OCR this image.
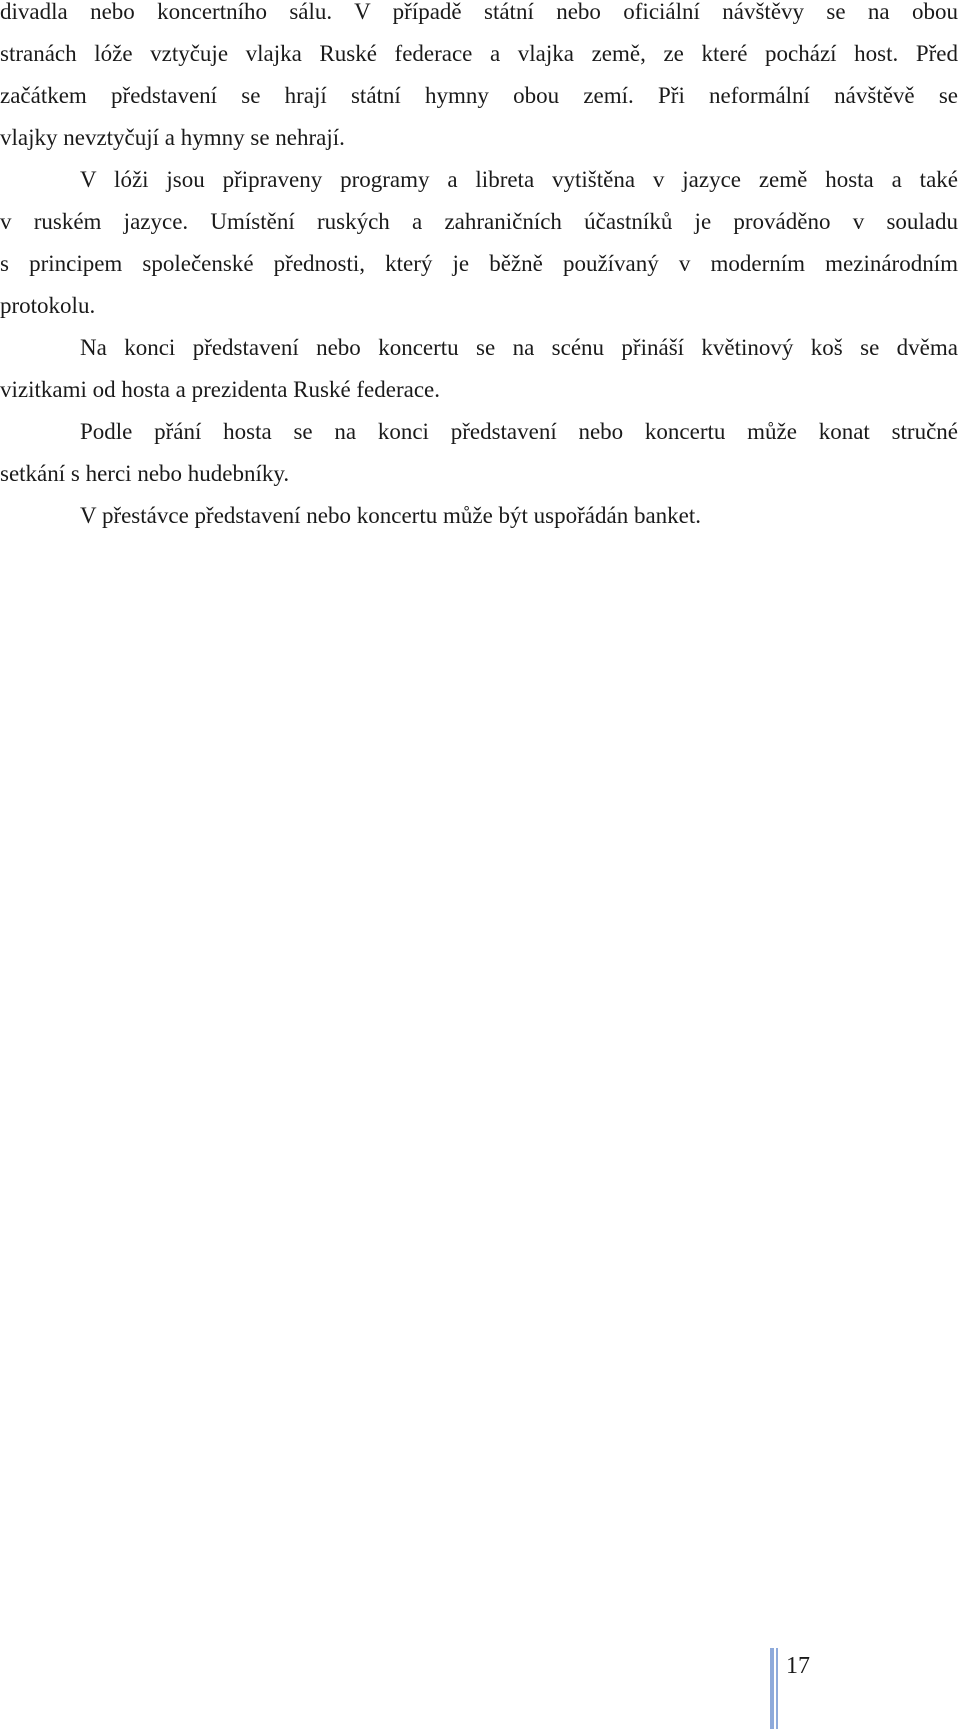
divadla nebo koncertního sálu. V případě státní nebo oficiální návštěvy se na obou
stranách lóže vztyčuje vlajka Ruské federace a vlajka země, ze které pochází host. Před
začátkem představení se hrají státní hymny obou zemí. Při neformální návštěvě se
vlajky nevztyčují a hymny se nehrají.
V lóži jsou připraveny programy a libreta vytištěna v jazyce země hosta a také
v ruském jazyce. Umístění ruských a zahraničních účastníků je prováděno v souladu
s principem společenské přednosti, který je běžně používaný v moderním mezinárodním
protokolu.
Na konci představení nebo koncertu se na scénu přináší květinový koš se dvěma
vizitkami od hosta a prezidenta Ruské federace.
Podle přání hosta se na konci představení nebo koncertu může konat stručné
setkání s herci nebo hudebníky.
V přestávce představení nebo koncertu může být uspořádán banket.
17
